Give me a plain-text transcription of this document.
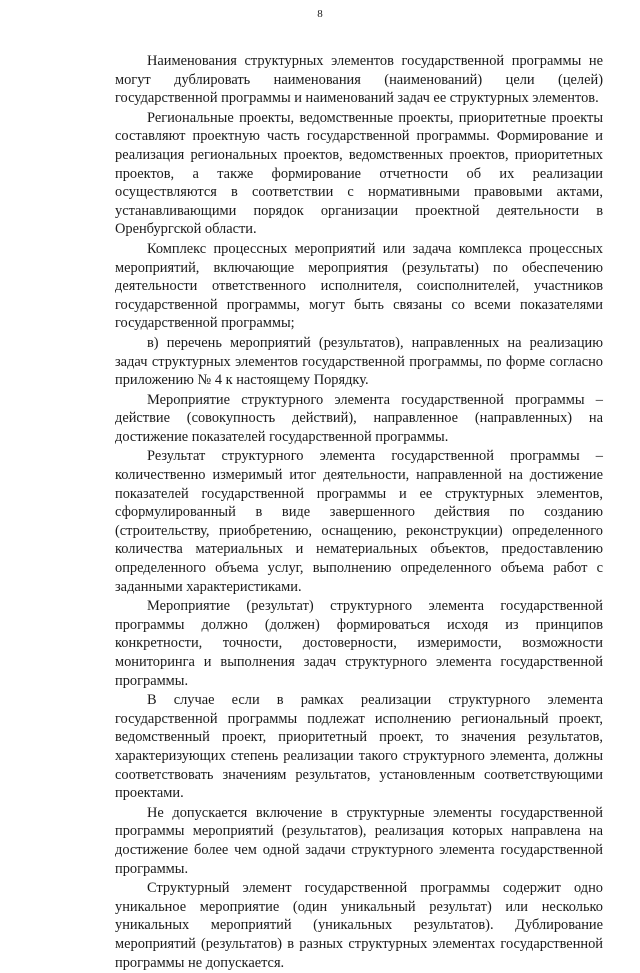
8

Наименования структурных элементов государственной программы не могут дублировать наименования (наименований) цели (целей) государственной программы и наименований задач ее структурных элементов.

Региональные проекты, ведомственные проекты, приоритетные проекты составляют проектную часть государственной программы. Формирование и реализация региональных проектов, ведомственных проектов, приоритетных проектов, а также формирование отчетности об их реализации осуществляются в соответствии с нормативными правовыми актами, устанавливающими порядок организации проектной деятельности в Оренбургской области.

Комплекс процессных мероприятий или задача комплекса процессных мероприятий, включающие мероприятия (результаты) по обеспечению деятельности ответственного исполнителя, соисполнителей, участников государственной программы, могут быть связаны со всеми показателями государственной программы;

в) перечень мероприятий (результатов), направленных на реализацию задач структурных элементов государственной программы, по форме согласно приложению № 4 к настоящему Порядку.

Мероприятие структурного элемента государственной программы – действие (совокупность действий), направленное (направленных) на достижение показателей государственной программы.

Результат структурного элемента государственной программы – количественно измеримый итог деятельности, направленной на достижение показателей государственной программы и ее структурных элементов, сформулированный в виде завершенного действия по созданию (строительству, приобретению, оснащению, реконструкции) определенного количества материальных и нематериальных объектов, предоставлению определенного объема услуг, выполнению определенного объема работ с заданными характеристиками.

Мероприятие (результат) структурного элемента государственной программы должно (должен) формироваться исходя из принципов конкретности, точности, достоверности, измеримости, возможности мониторинга и выполнения задач структурного элемента государственной программы.

В случае если в рамках реализации структурного элемента государственной программы подлежат исполнению региональный проект, ведомственный проект, приоритетный проект, то значения результатов, характеризующих степень реализации такого структурного элемента, должны соответствовать значениям результатов, установленным соответствующими проектами.

Не допускается включение в структурные элементы государственной программы мероприятий (результатов), реализация которых направлена на достижение более чем одной задачи структурного элемента государственной программы.

Структурный элемент государственной программы содержит одно уникальное мероприятие (один уникальный результат) или несколько уникальных мероприятий (уникальных результатов). Дублирование мероприятий (результатов) в разных структурных элементах государственной программы не допускается.
